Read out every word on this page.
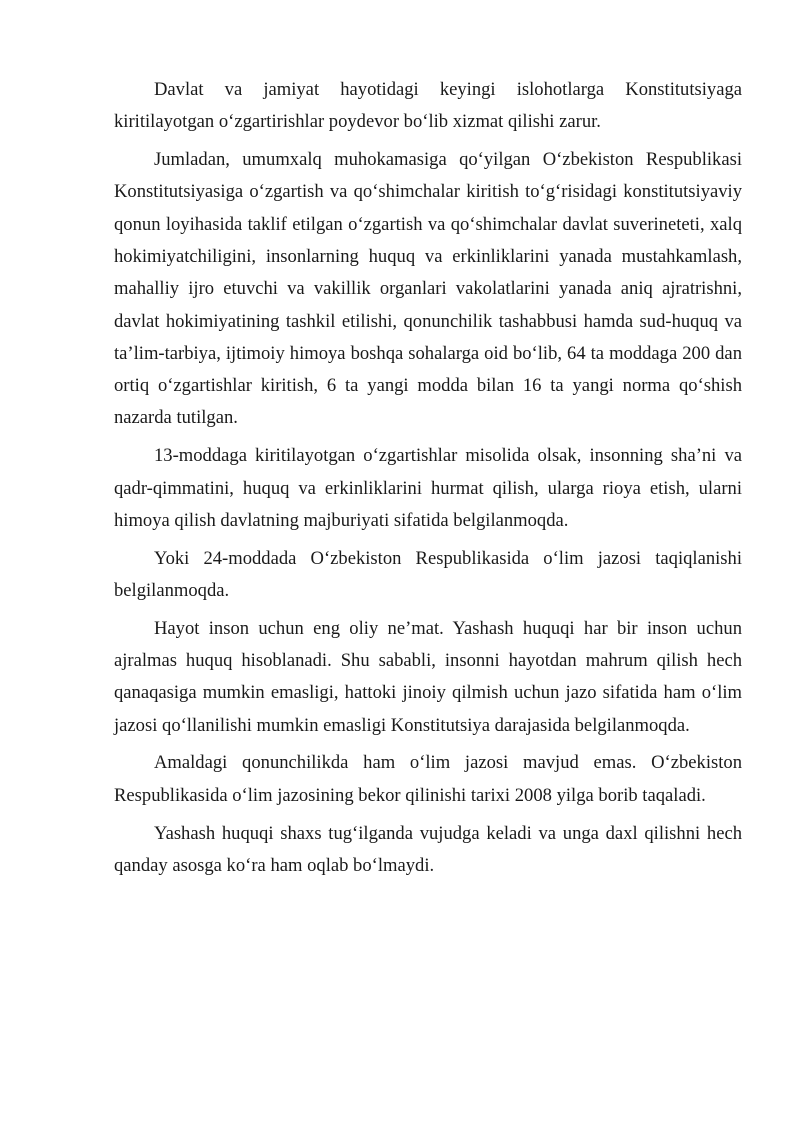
Davlat va jamiyat hayotidagi keyingi islohotlarga Konstitutsiyaga kiritilayotgan oʻzgartirishlar poydevor boʻlib xizmat qilishi zarur.

Jumladan, umumxalq muhokamasiga qoʻyilgan Oʻzbekiston Respublikasi Konstitutsiyasiga oʻzgartish va qoʻshimchalar kiritish toʻgʻrisidagi konstitutsiyaviy qonun loyihasida taklif etilgan oʻzgartish va qoʻshimchalar davlat suverineteti, xalq hokimiyatchiligini, insonlarning huquq va erkinliklarini yanada mustahkamlash, mahalliy ijro etuvchi va vakillik organlari vakolatlarini yanada aniq ajratrishni, davlat hokimiyatining tashkil etilishi, qonunchilik tashabbusi hamda sud-huquq va taʼlim-tarbiya, ijtimoiy himoya boshqa sohalarga oid boʻlib, 64 ta moddaga 200 dan ortiq oʻzgartishlar kiritish, 6 ta yangi modda bilan 16 ta yangi norma qoʻshish nazarda tutilgan.

13-moddaga kiritilayotgan oʻzgartishlar misolida olsak, insonning shaʼni va qadr-qimmatini, huquq va erkinliklarini hurmat qilish, ularga rioya etish, ularni himoya qilish davlatning majburiyati sifatida belgilanmoqda.

Yoki 24-moddada Oʻzbekiston Respublikasida oʻlim jazosi taqiqlanishi belgilanmoqda.

Hayot inson uchun eng oliy neʼmat. Yashash huquqi har bir inson uchun ajralmas huquq hisoblanadi. Shu sababli, insonni hayotdan mahrum qilish hech qanaqasiga mumkin emasligi, hattoki jinoiy qilmish uchun jazo sifatida ham oʻlim jazosi qoʻllanilishi mumkin emasligi Konstitutsiya darajasida belgilanmoqda.

Amaldagi qonunchilikda ham oʻlim jazosi mavjud emas. Oʻzbekiston Respublikasida oʻlim jazosining bekor qilinishi tarixi 2008 yilga borib taqaladi.

Yashash huquqi shaxs tugʻilganda vujudga keladi va unga daxl qilishni hech qanday asosga koʻra ham oqlab boʻlmaydi.
